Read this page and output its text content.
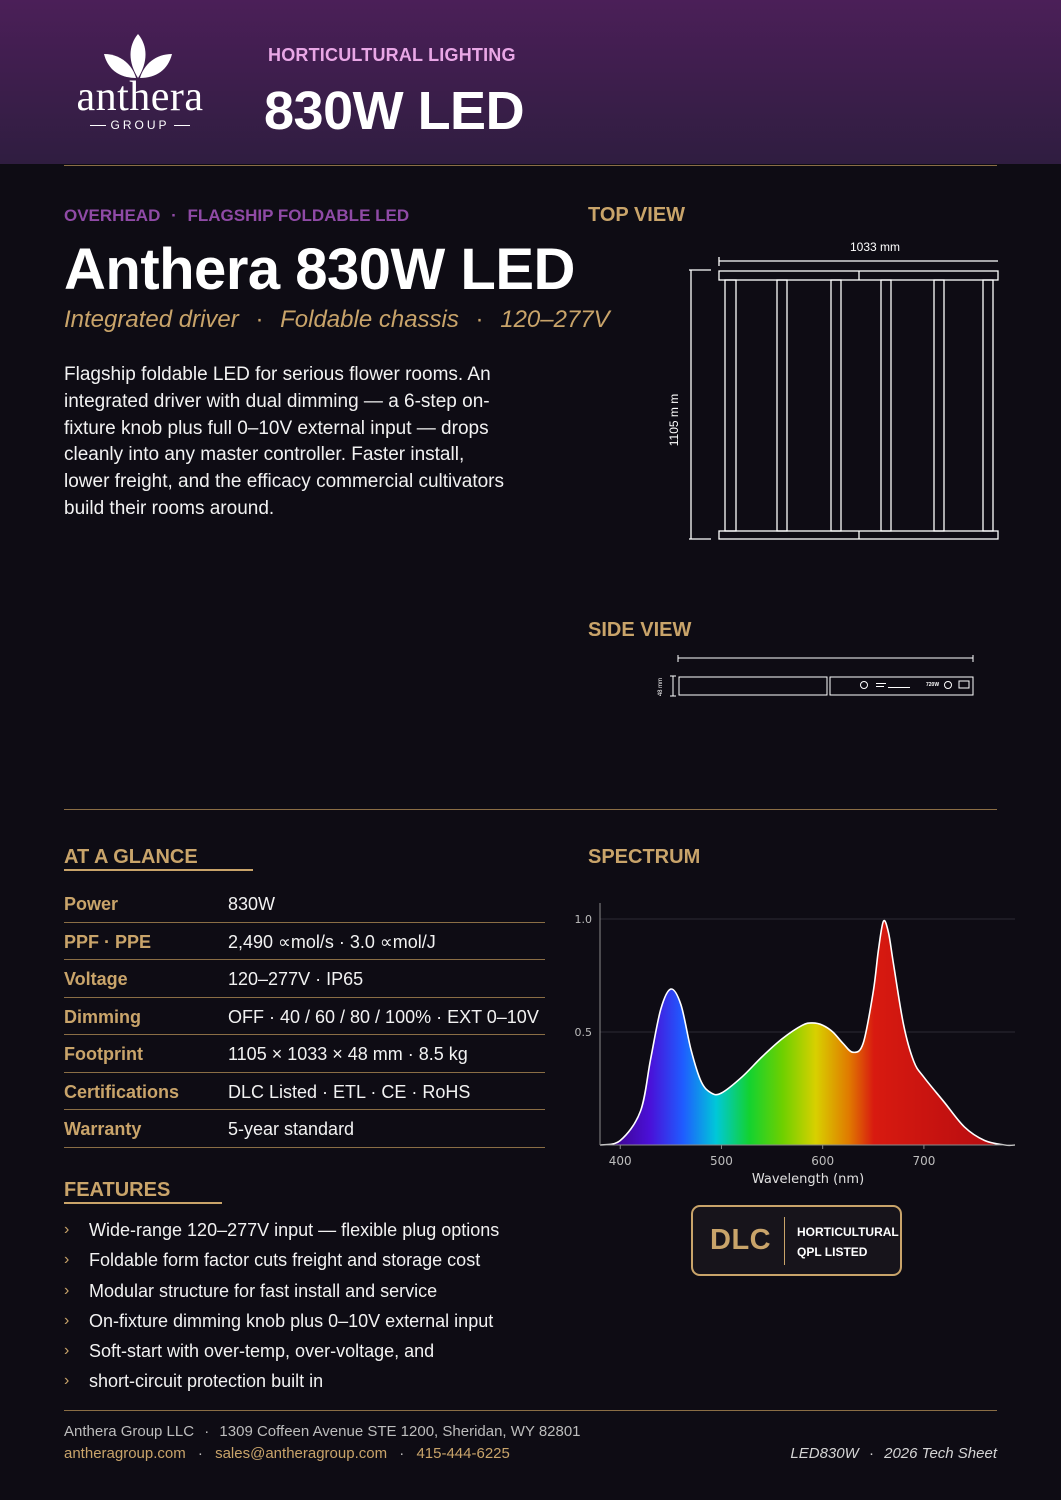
anthera
GROUP
HORTICULTURAL LIGHTING
830W LED
OVERHEAD · FLAGSHIP FOLDABLE LED
Anthera 830W LED
Integrated driver · Foldable chassis · 120–277V
Flagship foldable LED for serious flower rooms. An integrated driver with dual dimming — a 6-step on-fixture knob plus full 0–10V external input — drops cleanly into any master controller. Faster install, lower freight, and the efficacy commercial cultivators build their rooms around.
TOP VIEW
1033 mm
1105 m m
SIDE VIEW
720W
48 mm
AT A GLANCE
Power	830W
PPF · PPE	2,490 ∝mol/s · 3.0 ∝mol/J
Voltage	120–277V · IP65
Dimming	OFF · 40 / 60 / 80 / 100% · EXT 0–10V
Footprint	1105 × 1033 × 48 mm · 8.5 kg
Certifications	DLC Listed · ETL · CE · RoHS
Warranty	5-year standard
FEATURES
› Wide-range 120–277V input — flexible plug options
› Foldable form factor cuts freight and storage cost
› Modular structure for fast install and service
› On-fixture dimming knob plus 0–10V external input
› Soft-start with over-temp, over-voltage, and
› short-circuit protection built in
SPECTRUM
0.5
1.0
400	500	600	700
Wavelength (nm)
DLC HORTICULTURAL
QPL LISTED
Anthera Group LLC · 1309 Coffeen Avenue STE 1200, Sheridan, WY 82801
antheragroup.com · sales@antheragroup.com · 415-444-6225	LED830W · 2026 Tech Sheet
